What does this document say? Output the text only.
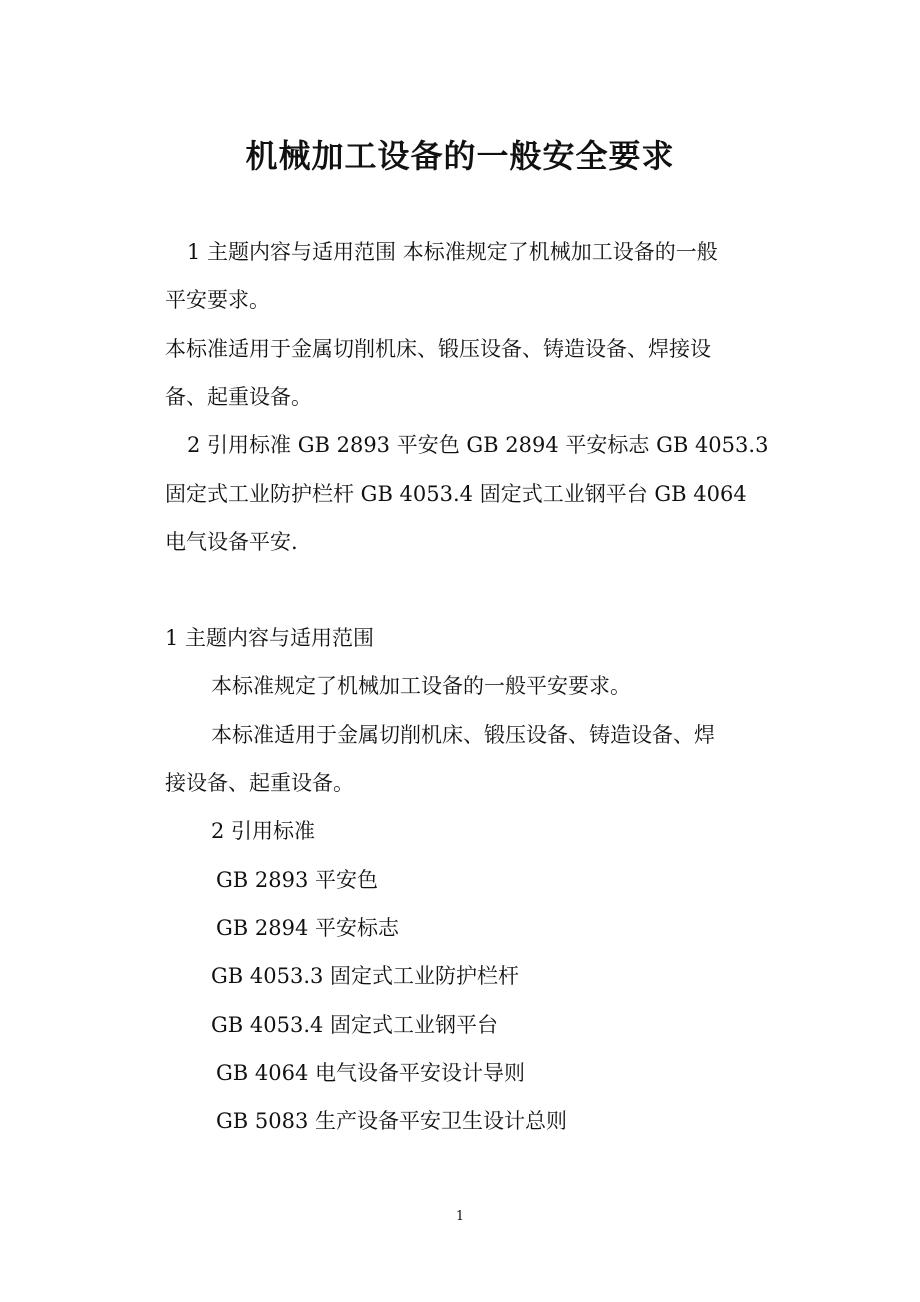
机械加工设备的一般安全要求
1 主题内容与适用范围 本标准规定了机械加工设备的一般
平安要求。
本标准适用于金属切削机床、锻压设备、铸造设备、焊接设
备、起重设备。
2 引用标准 GB 2893 平安色 GB 2894 平安标志 GB 4053.3
固定式工业防护栏杆 GB 4053.4 固定式工业钢平台 GB 4064
电气设备平安.
1 主题内容与适用范围
本标准规定了机械加工设备的一般平安要求。
本标准适用于金属切削机床、锻压设备、铸造设备、焊
接设备、起重设备。
2 引用标准
GB 2893 平安色
GB 2894 平安标志
GB 4053.3 固定式工业防护栏杆
GB 4053.4 固定式工业钢平台
GB 4064 电气设备平安设计导则
GB 5083 生产设备平安卫生设计总则
1
